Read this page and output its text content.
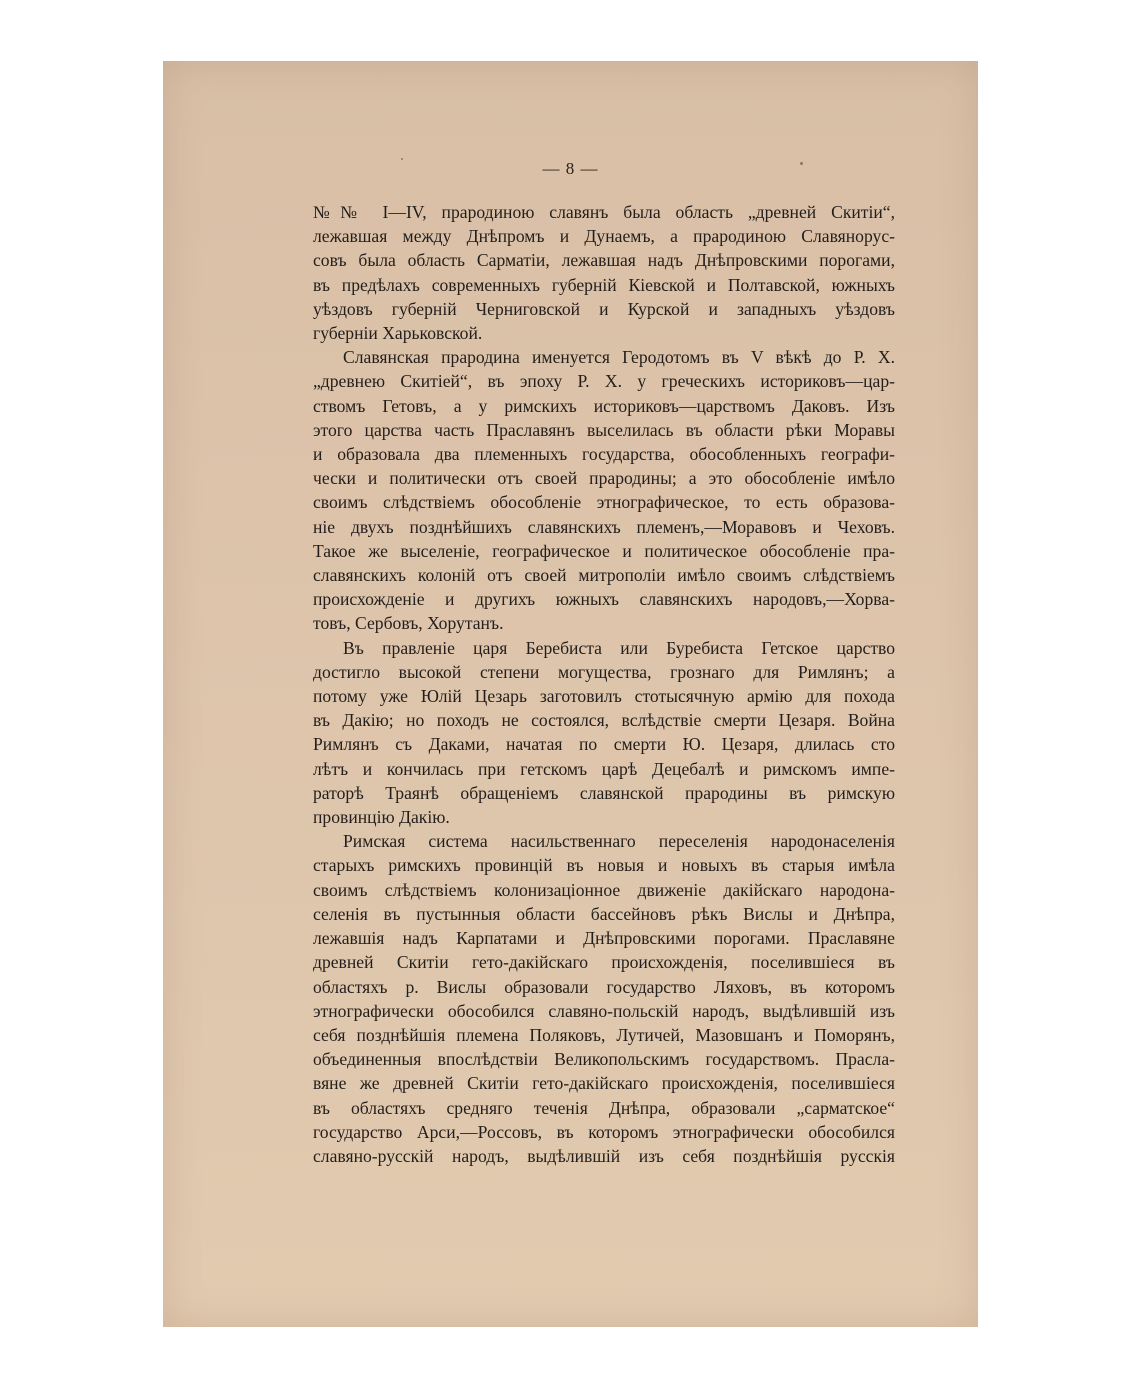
— 8 —
№№ I—IV, прародиною славянъ была область „древней Скитіи“,
лежавшая между Днѣпромъ и Дунаемъ, а прародиною Славянорус-
совъ была область Сарматіи, лежавшая надъ Днѣпровскими порогами,
въ предѣлахъ современныхъ губерній Кіевской и Полтавской, южныхъ
уѣздовъ губерній Черниговской и Курской и западныхъ уѣздовъ
губерніи Харьковской.
Славянская прародина именуется Геродотомъ въ V вѣкѣ до Р. Х.
„древнею Скитіей“, въ эпоху Р. Х. у греческихъ историковъ—цар-
ствомъ Гетовъ, а у римскихъ историковъ—царствомъ Даковъ. Изъ
этого царства часть Праславянъ выселилась въ области рѣки Моравы
и образовала два племенныхъ государства, обособленныхъ географи-
чески и политически отъ своей прародины; а это обособленіе имѣло
своимъ слѣдствіемъ обособленіе этнографическое, то есть образова-
ніе двухъ позднѣйшихъ славянскихъ племенъ,—Моравовъ и Чеховъ.
Такое же выселеніе, географическое и политическое обособленіе пра-
славянскихъ колоній отъ своей митрополіи имѣло своимъ слѣдствіемъ
происхожденіе и другихъ южныхъ славянскихъ народовъ,—Хорва-
товъ, Сербовъ, Хорутанъ.
Въ правленіе царя Беребиста или Буребиста Гетское царство
достигло высокой степени могущества, грознаго для Римлянъ; а
потому уже Юлій Цезарь заготовилъ стотысячную армію для похода
въ Дакію; но походъ не состоялся, вслѣдствіе смерти Цезаря. Война
Римлянъ съ Даками, начатая по смерти Ю. Цезаря, длилась сто
лѣтъ и кончилась при гетскомъ царѣ Децебалѣ и римскомъ импе-
раторѣ Траянѣ обращеніемъ славянской прародины въ римскую
провинцію Дакію.
Римская система насильственнаго переселенія народонаселенія
старыхъ римскихъ провинцій въ новыя и новыхъ въ старыя имѣла
своимъ слѣдствіемъ колонизаціонное движеніе дакійскаго народона-
селенія въ пустынныя области бассейновъ рѣкъ Вислы и Днѣпра,
лежавшія надъ Карпатами и Днѣпровскими порогами. Праславяне
древней Скитіи гето-дакійскаго происхожденія, поселившіеся въ
областяхъ р. Вислы образовали государство Ляховъ, въ которомъ
этнографически обособился славяно-польскій народъ, выдѣлившій изъ
себя позднѣйшія племена Поляковъ, Лутичей, Мазовшанъ и Поморянъ,
объединенныя впослѣдствіи Великопольскимъ государствомъ. Прасла-
вяне же древней Скитіи гето-дакійскаго происхожденія, поселившіеся
въ областяхъ средняго теченія Днѣпра, образовали „сарматское“
государство Арси,—Россовъ, въ которомъ этнографически обособился
славяно-русскій народъ, выдѣлившій изъ себя позднѣйшія русскія
